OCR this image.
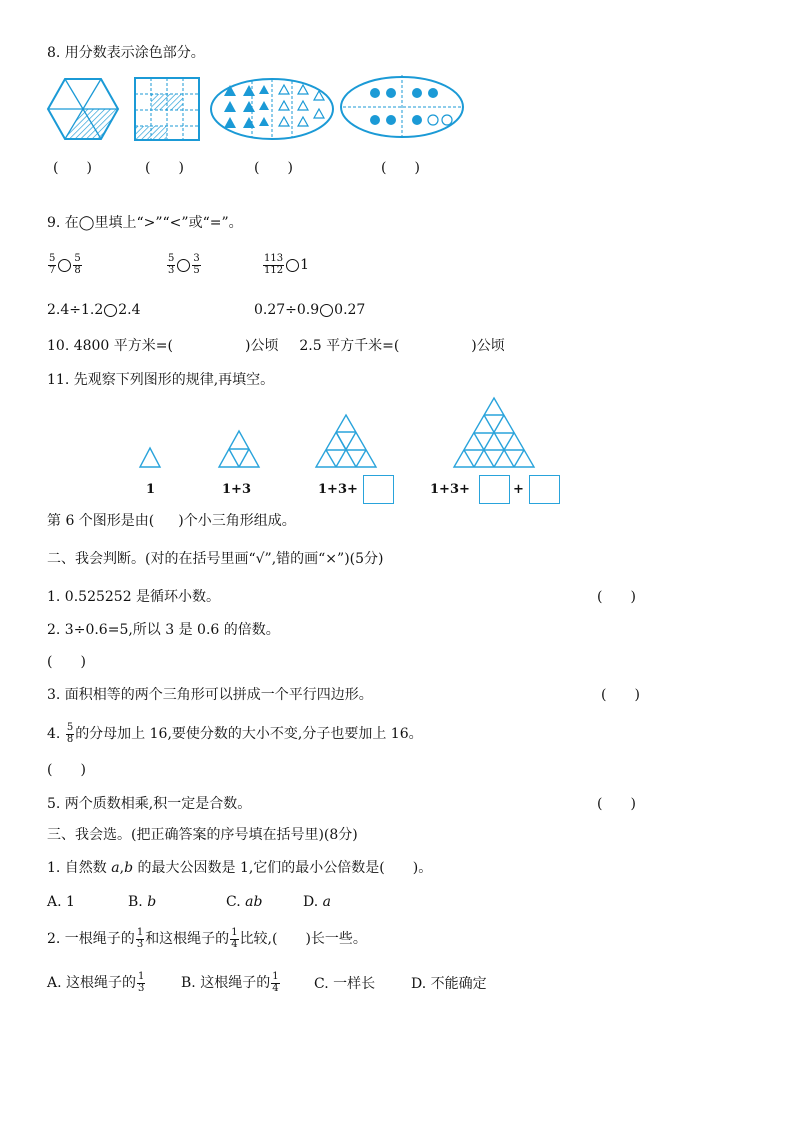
8. 用分数表示涂色部分。
(　　)	(　　)	(　　)	(　　)
9. 在◯里填上“>”“<”或“=”。
$\frac{5}{7} \frac{5}{8}$	$\frac{5}{3} \frac{3}{5}$	$\frac{113}{112} 1$
2.4÷1.2 2.4	0.27÷0.9 0.27
10. 4800 平方米=(	)公顷 2.5 平方千米=(	)公顷
11. 先观察下列图形的规律,再填空。
1	1+3	1+3+	1+3+	+
第 6 个图形是由( )个小三角形组成。
二、我会判断。(对的在括号里画“√”,错的画“×”)(5分)
1. 0.525252 是循环小数。	(　　)
2. 3÷0.6=5,所以 3 是 0.6 的倍数。
(　　)
3. 面积相等的两个三角形可以拼成一个平行四边形。	(　　)
4. $\frac{5}{8}$ 的分母加上 16,要使分数的大小不变,分子也要加上 16。
(　　)
5. 两个质数相乘,积一定是合数。	(　　)
三、我会选。(把正确答案的序号填在括号里)(8分)
1. 自然数 a,b 的最大公因数是 1,它们的最小公倍数是(　　)。
A. 1	B. b	C. ab	D. a
2. 一根绳子的 $\frac{1}{3}$ 和这根绳子的 $\frac{1}{4}$ 比较,(　　)长一些。
A. 这根绳子的 $\frac{1}{3}$	B. 这根绳子的 $\frac{1}{4} C$. 一样长	D. 不能确定
